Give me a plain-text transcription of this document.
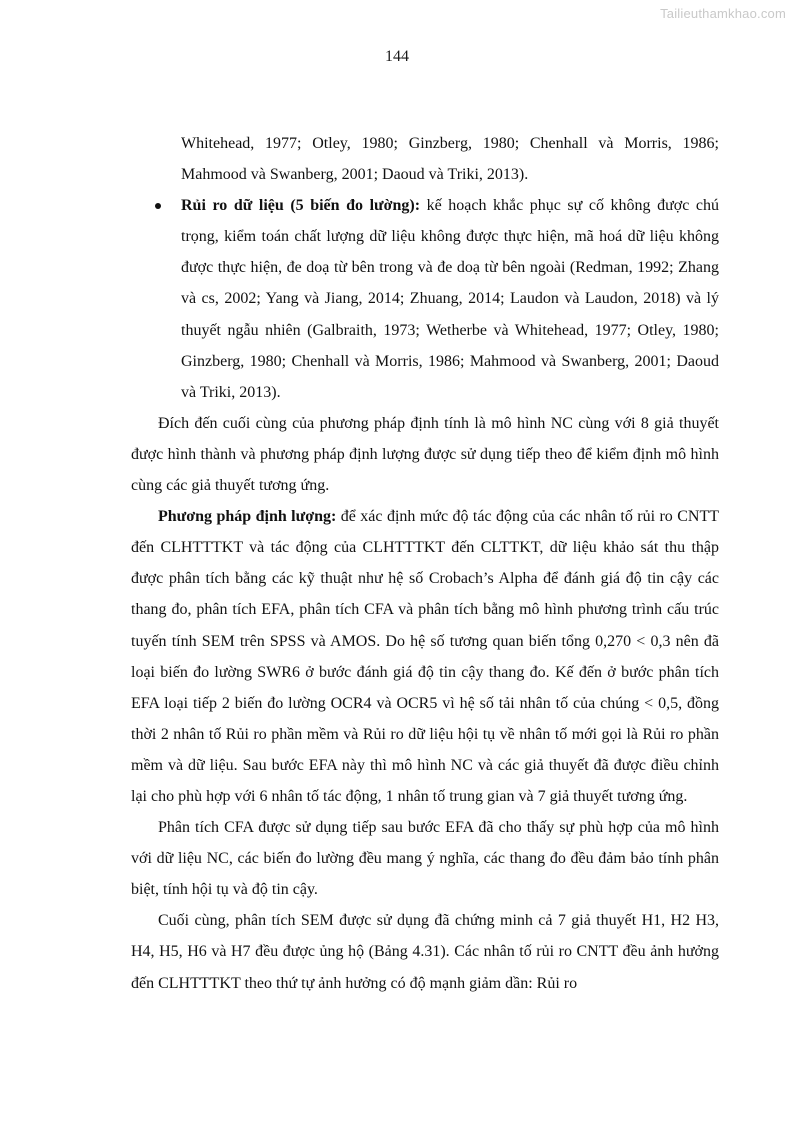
Tailieuthamkhao.com
144

Whitehead, 1977; Otley, 1980; Ginzberg, 1980; Chenhall và Morris, 1986; Mahmood và Swanberg, 2001; Daoud và Triki, 2013).

Rủi ro dữ liệu (5 biến đo lường): kế hoạch khắc phục sự cố không được chú trọng, kiểm toán chất lượng dữ liệu không được thực hiện, mã hoá dữ liệu không được thực hiện, đe doạ từ bên trong và đe doạ từ bên ngoài (Redman, 1992; Zhang và cs, 2002; Yang và Jiang, 2014; Zhuang, 2014; Laudon và Laudon, 2018) và lý thuyết ngẫu nhiên (Galbraith, 1973; Wetherbe và Whitehead, 1977; Otley, 1980; Ginzberg, 1980; Chenhall và Morris, 1986; Mahmood và Swanberg, 2001; Daoud và Triki, 2013).

Đích đến cuối cùng của phương pháp định tính là mô hình NC cùng với 8 giả thuyết được hình thành và phương pháp định lượng được sử dụng tiếp theo để kiểm định mô hình cùng các giả thuyết tương ứng.

Phương pháp định lượng: để xác định mức độ tác động của các nhân tố rủi ro CNTT đến CLHTTTKT và tác động của CLHTTTKT đến CLTTKT, dữ liệu khảo sát thu thập được phân tích bằng các kỹ thuật như hệ số Crobach’s Alpha để đánh giá độ tin cậy các thang đo, phân tích EFA, phân tích CFA và phân tích bằng mô hình phương trình cấu trúc tuyến tính SEM trên SPSS và AMOS. Do hệ số tương quan biến tổng 0,270 < 0,3 nên đã loại biến đo lường SWR6 ở bước đánh giá độ tin cậy thang đo. Kế đến ở bước phân tích EFA loại tiếp 2 biến đo lường OCR4 và OCR5 vì hệ số tải nhân tố của chúng < 0,5, đồng thời 2 nhân tố Rủi ro phần mềm và Rủi ro dữ liệu hội tụ về nhân tố mới gọi là Rủi ro phần mềm và dữ liệu. Sau bước EFA này thì mô hình NC và các giả thuyết đã được điều chỉnh lại cho phù hợp với 6 nhân tố tác động, 1 nhân tố trung gian và 7 giả thuyết tương ứng.

Phân tích CFA được sử dụng tiếp sau bước EFA đã cho thấy sự phù hợp của mô hình với dữ liệu NC, các biến đo lường đều mang ý nghĩa, các thang đo đều đảm bảo tính phân biệt, tính hội tụ và độ tin cậy.

Cuối cùng, phân tích SEM được sử dụng đã chứng minh cả 7 giả thuyết H1, H2 H3, H4, H5, H6 và H7 đều được ủng hộ (Bảng 4.31). Các nhân tố rủi ro CNTT đều ảnh hưởng đến CLHTTTKT theo thứ tự ảnh hưởng có độ mạnh giảm dần: Rủi ro
